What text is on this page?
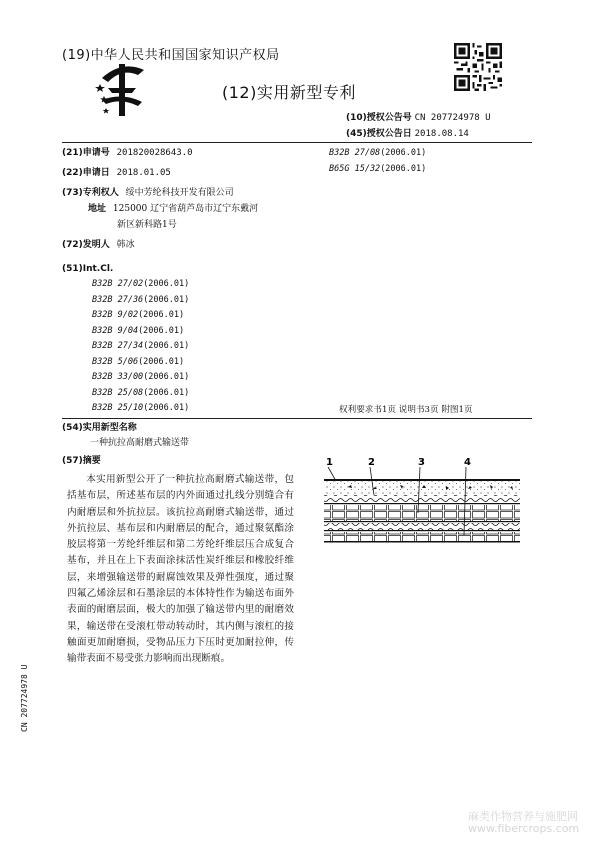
(19)中华人民共和国国家知识产权局
(12)实用新型专利
(10)授权公告号 CN 207724978 U
(45)授权公告日 2018.08.14
(21)申请号 201820028643.0
(22)申请日 2018.01.05
(73)专利权人 绥中芳纶科技开发有限公司
地址 125000 辽宁省葫芦岛市辽宁东戴河
新区新科路1号
(72)发明人 韩冰
(51)Int.Cl.
B32B 27/02(2006.01)
B32B 27/36(2006.01)
B32B 9/02(2006.01)
B32B 9/04(2006.01)
B32B 27/34(2006.01)
B32B 5/06(2006.01)
B32B 33/00(2006.01)
B32B 25/08(2006.01)
B32B 25/10(2006.01)
B32B 27/08(2006.01)
B65G 15/32(2006.01)
权利要求书1页 说明书3页 附图1页
(54)实用新型名称
一种抗拉高耐磨式输送带
(57)摘要
本实用新型公开了一种抗拉高耐磨式输送带，包括基布层，所述基布层的内外面通过扎线分别缝合有内耐磨层和外抗拉层。该抗拉高耐磨式输送带，通过外抗拉层、基布层和内耐磨层的配合，通过聚氨酯涂胶层将第一芳纶纤维层和第二芳纶纤维层压合成复合基布，并且在上下表面涂抹活性炭纤维层和橡胶纤维层，来增强输送带的耐腐蚀效果及弹性强度，通过聚四氟乙烯涂层和石墨涂层的本体特性作为输送布面外表面的耐磨层面，极大的加强了输送带内里的耐磨效果，输送带在受滚杠带动转动时，其内侧与滚杠的接触面更加耐磨损，受物品压力下压时更加耐拉伸，传输带表面不易受张力影响而出现断痕。
1	2	3	4
CN 207724978 U
麻类作物营养与施肥网
www.fibercrops.com
